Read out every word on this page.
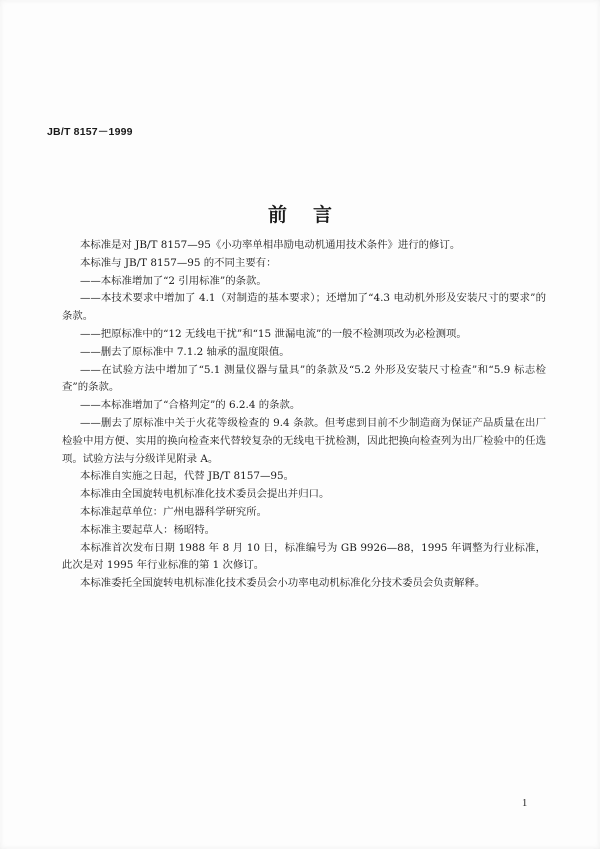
JB/T 8157－1999
前言

本标准是对 JB/T 8157—95《小功率单相串励电动机通用技术条件》进行的修订。

本标准与 JB/T 8157—95 的不同主要有：

——本标准增加了“2 引用标准”的条款。

——本技术要求中增加了 4.1（对制造的基本要求）；还增加了“4.3 电动机外形及安装尺寸的要求”的条款。

——把原标准中的“12 无线电干扰”和“15 泄漏电流”的一般不检测项改为必检测项。

——删去了原标准中 7.1.2 轴承的温度限值。

——在试验方法中增加了“5.1 测量仪器与量具”的条款及“5.2 外形及安装尺寸检查”和“5.9 标志检查”的条款。

——本标准增加了“合格判定”的 6.2.4 的条款。

——删去了原标准中关于火花等级检查的 9.4 条款。但考虑到目前不少制造商为保证产品质量在出厂检验中用方便、实用的换向检查来代替较复杂的无线电干扰检测，因此把换向检查列为出厂检验中的任选项。试验方法与分级详见附录 A。

本标准自实施之日起，代替 JB/T 8157—95。

本标准由全国旋转电机标准化技术委员会提出并归口。

本标准起草单位：广州电器科学研究所。

本标准主要起草人：杨昭特。

本标准首次发布日期 1988 年 8 月 10 日，标准编号为 GB 9926—88，1995 年调整为行业标准，此次是对 1995 年行业标准的第 1 次修订。

本标准委托全国旋转电机标准化技术委员会小功率电动机标准化分技术委员会负责解释。

1
